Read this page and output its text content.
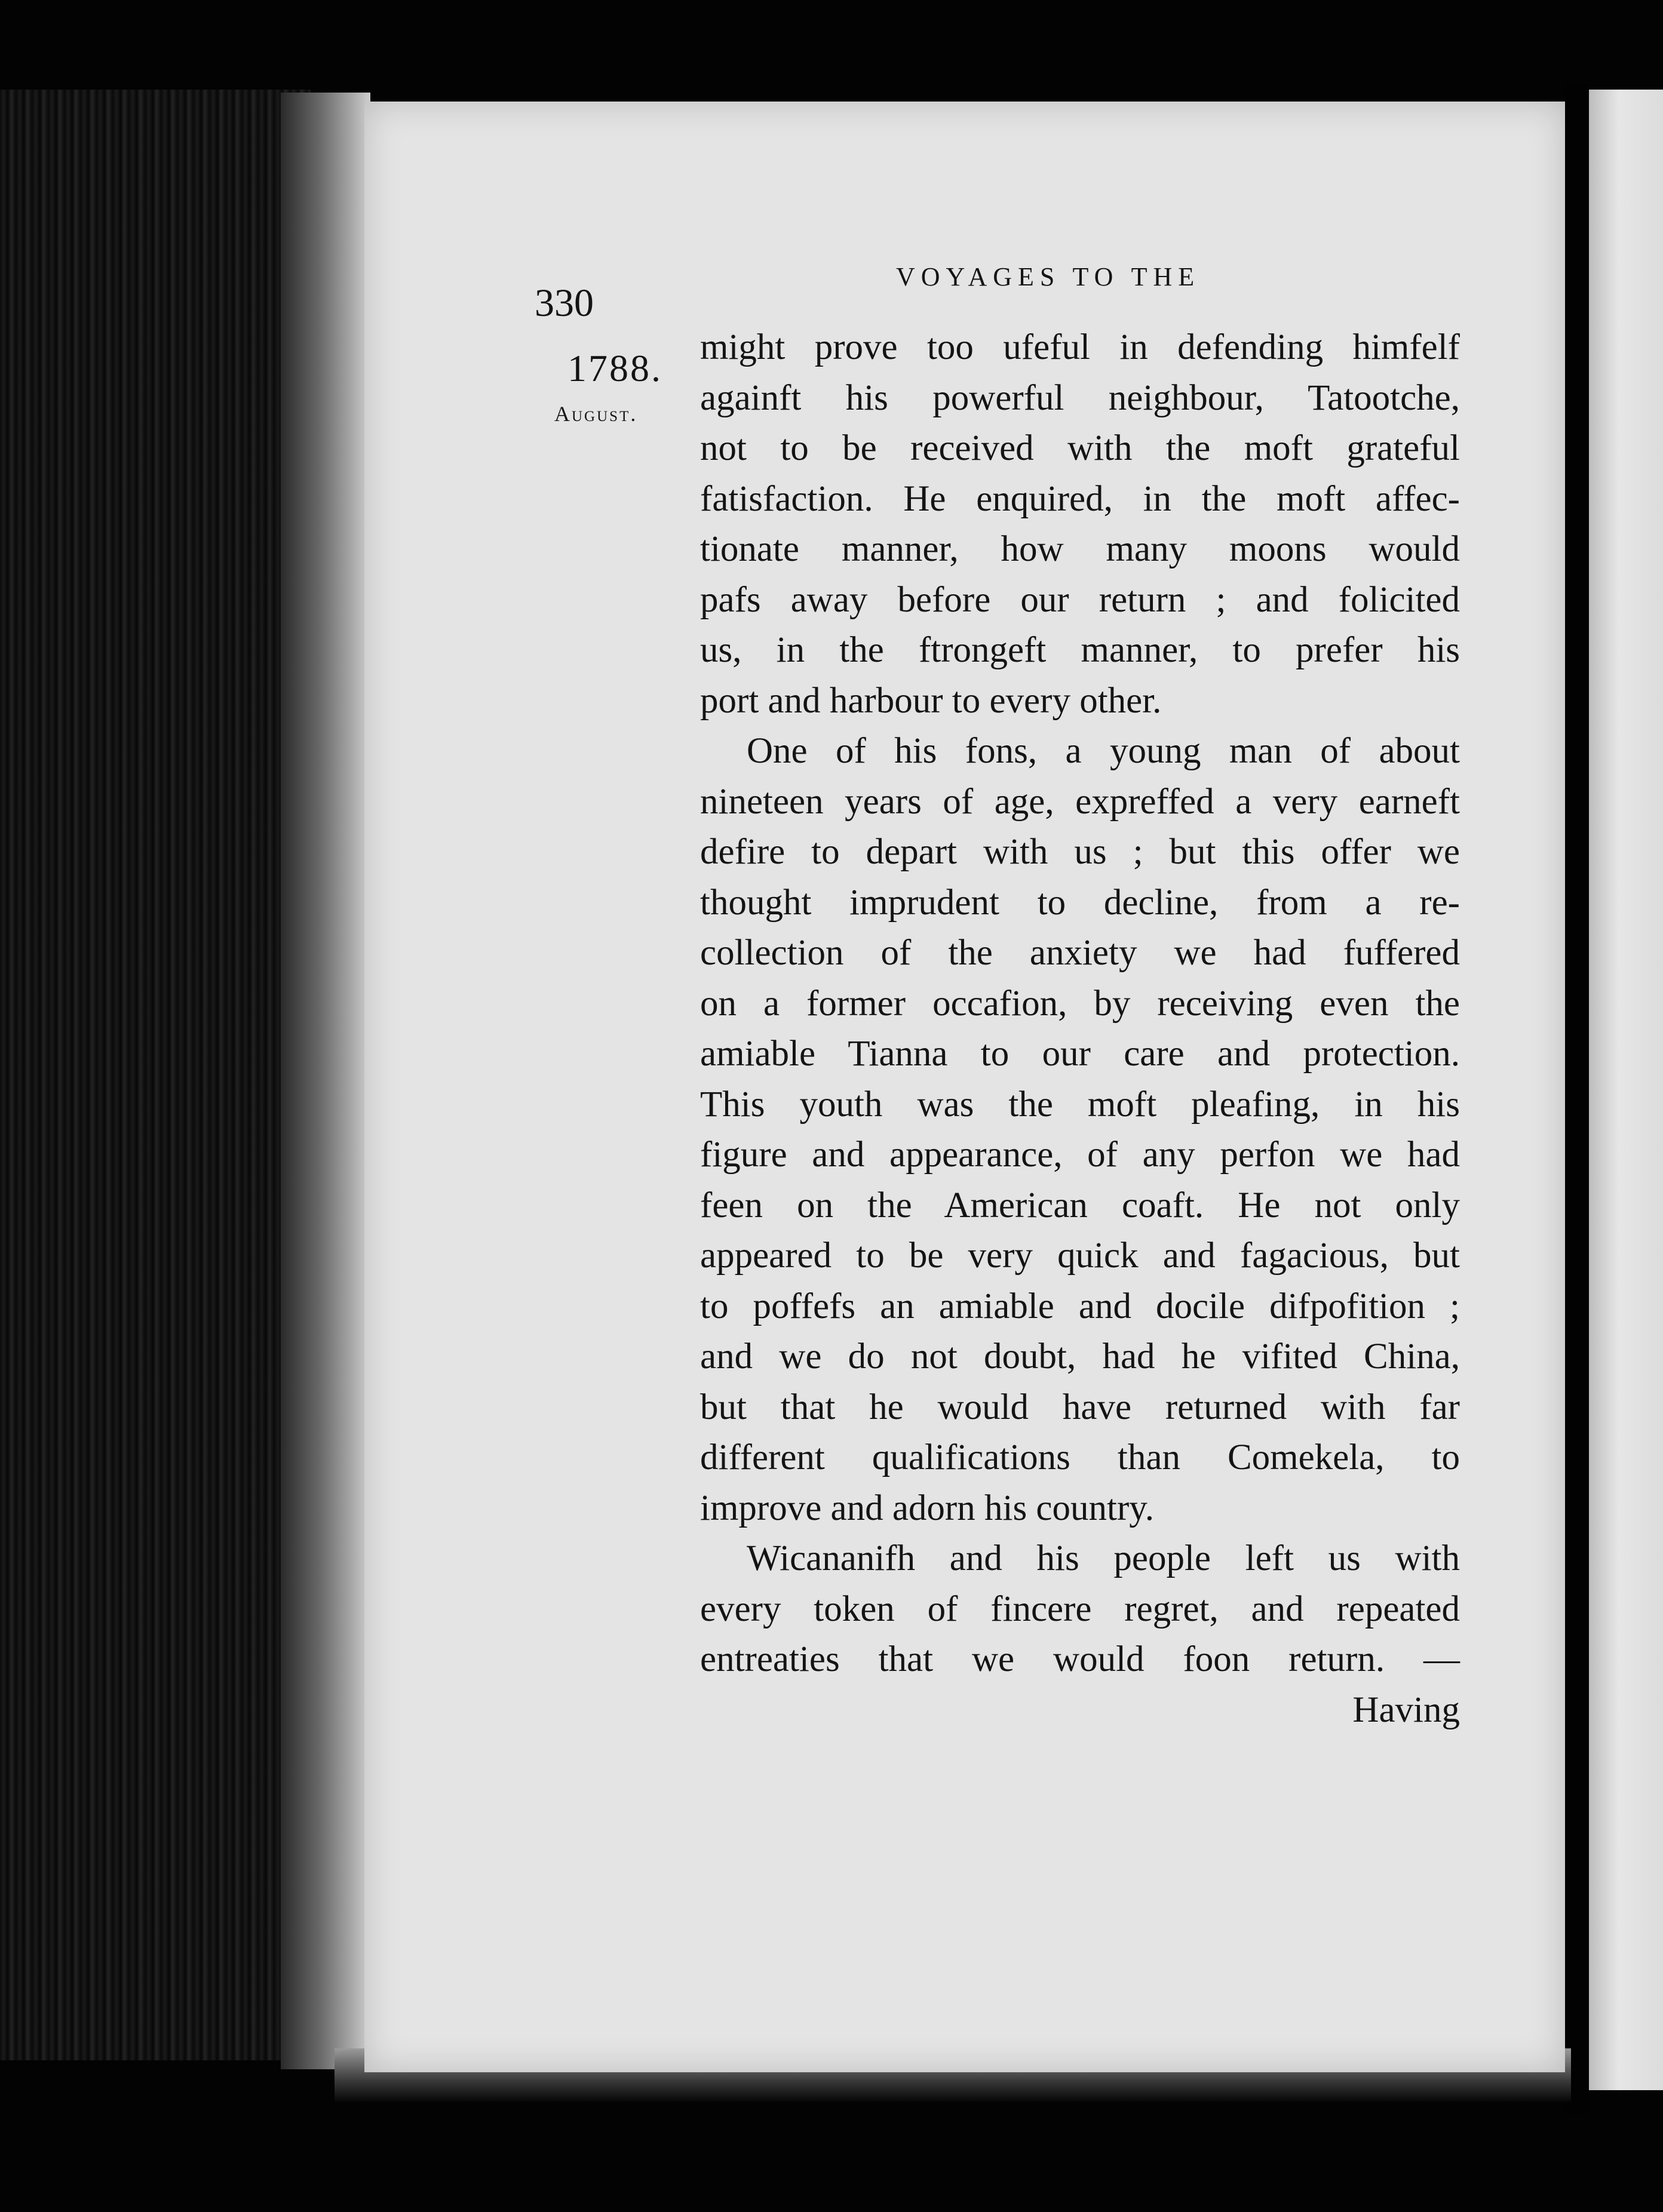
VOYAGES TO THE
330
1788.
August.
might prove too ufeful in defending himfelf
againft his powerful neighbour, Tatootche,
not to be received with the moft grateful
fatisfaction. He enquired, in the moft affec-
tionate manner, how many moons would
pafs away before our return ; and folicited
us, in the ftrongeft manner, to prefer his
port and harbour to every other.
One of his fons, a young man of about
nineteen years of age, expreffed a very earneft
defire to depart with us ; but this offer we
thought imprudent to decline, from a re-
collection of the anxiety we had fuffered
on a former occafion, by receiving even the
amiable Tianna to our care and protection.
This youth was the moft pleafing, in his
figure and appearance, of any perfon we had
feen on the American coaft. He not only
appeared to be very quick and fagacious, but
to poffefs an amiable and docile difpofition ;
and we do not doubt, had he vifited China,
but that he would have returned with far
different qualifications than Comekela, to
improve and adorn his country.
Wicananifh and his people left us with
every token of fincere regret, and repeated
entreaties that we would foon return. —
Having
